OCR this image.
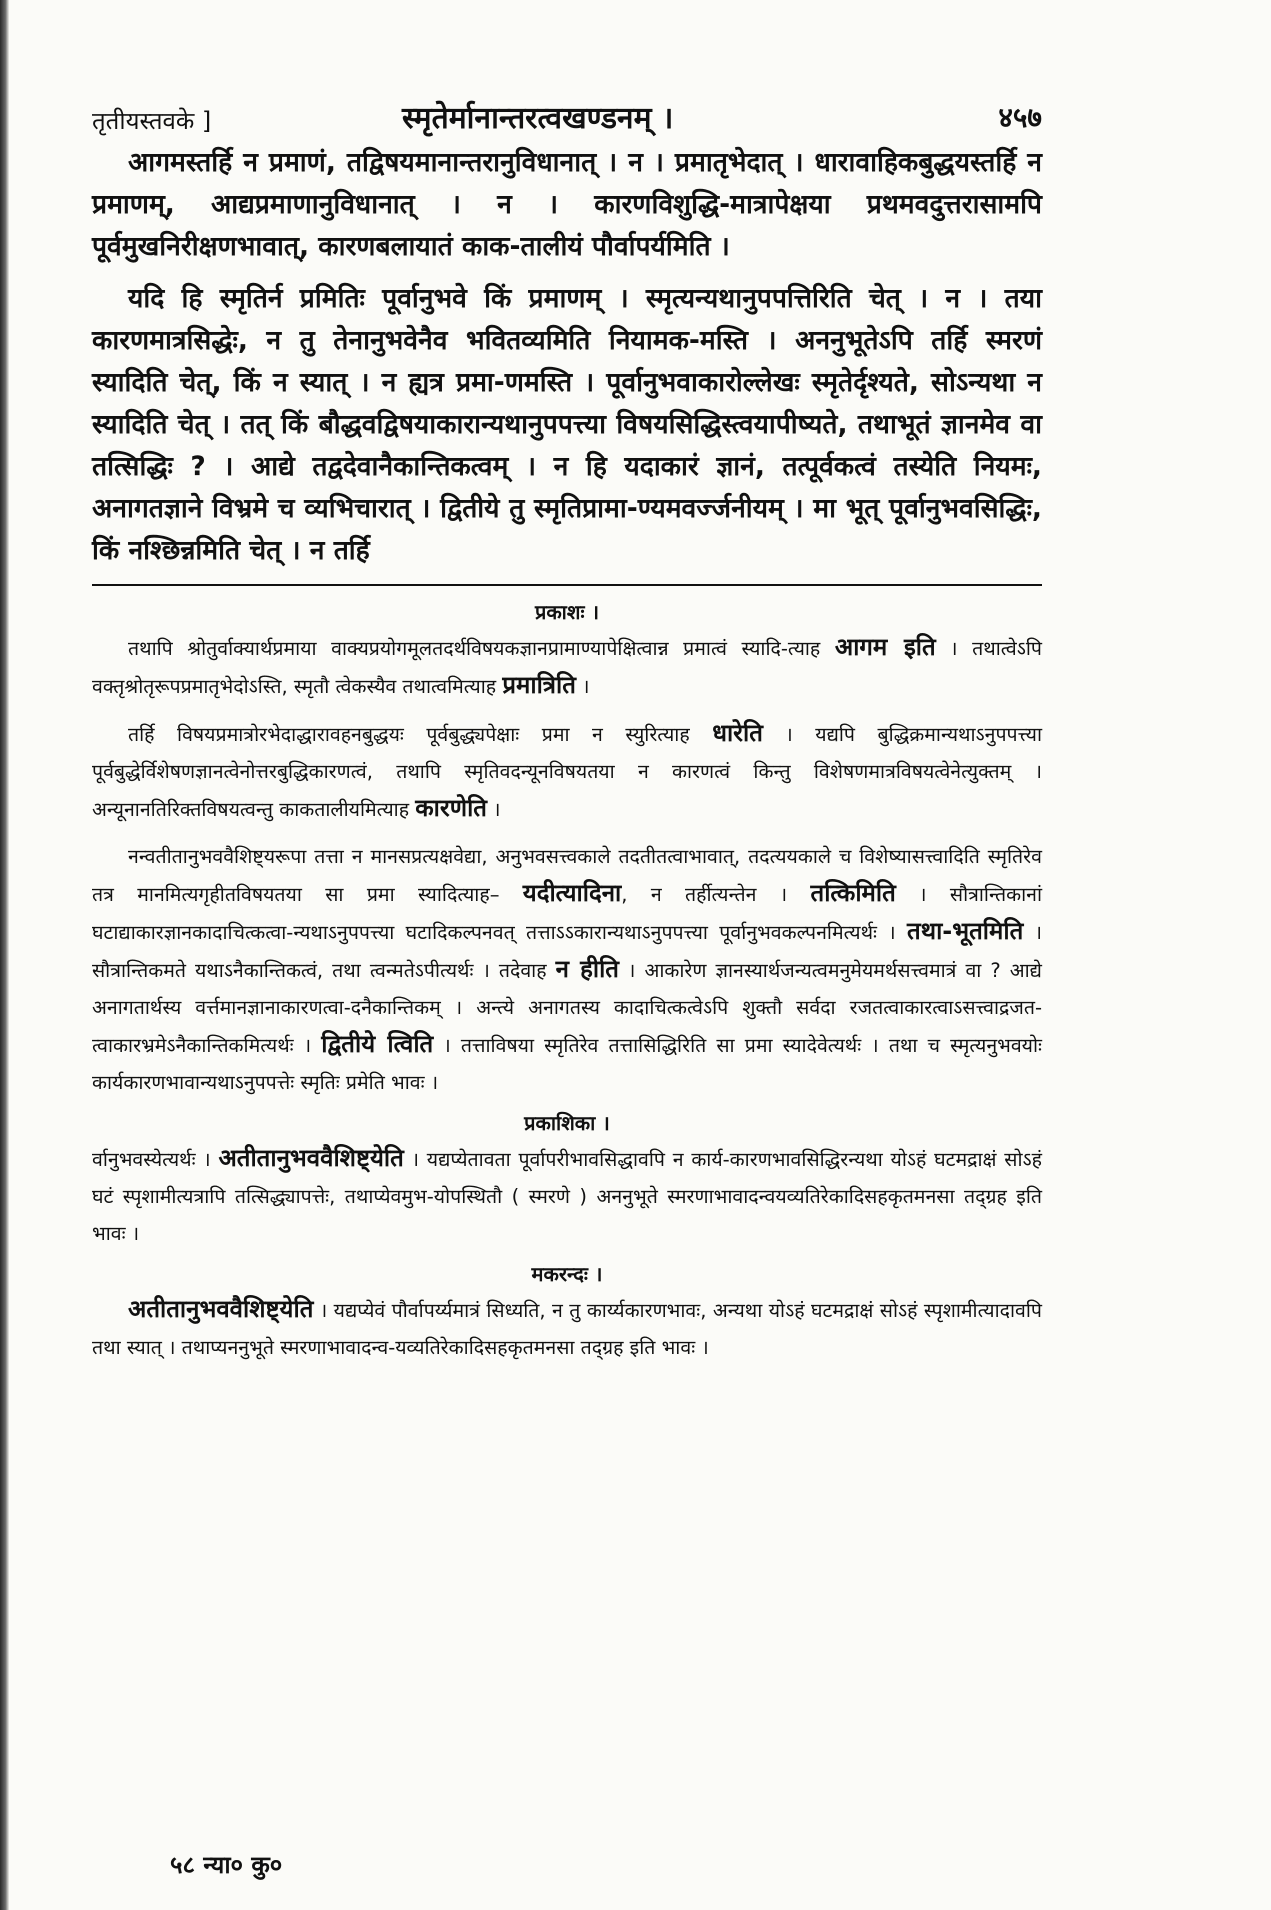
तृतीयस्तवके ]	स्मृतेर्मानान्तरत्वखण्डनम् ।	४५७

आगमस्तर्हि न प्रमाणं, तद्विषयमानान्तरानुविधानात् । न । प्रमातृभेदात् । धारावाहिकबुद्धयस्तर्हि न प्रमाणम्, आद्यप्रमाणानुविधानात् । न । कारणविशुद्धि-मात्रापेक्षया प्रथमवदुत्तरासामपि पूर्वमुखनिरीक्षणभावात्, कारणबलायातं काक-तालीयं पौर्वापर्यमिति ।

यदि हि स्मृतिर्न प्रमितिः पूर्वानुभवे किं प्रमाणम् । स्मृत्यन्यथानुपपत्तिरिति चेत् । न । तया कारणमात्रसिद्धेः, न तु तेनानुभवेनैव भवितव्यमिति नियामक-मस्ति । अननुभूतेऽपि तर्हि स्मरणं स्यादिति चेत्, किं न स्यात् । न ह्यत्र प्रमा-णमस्ति । पूर्वानुभवाकारोल्लेखः स्मृतेर्दृश्यते, सोऽन्यथा न स्यादिति चेत् । तत् किं बौद्धवद्विषयाकारान्यथानुपपत्त्या विषयसिद्धिस्त्वयापीष्यते, तथाभूतं ज्ञानमेव वा तत्सिद्धिः ? । आद्ये तद्वदेवानैकान्तिकत्वम् । न हि यदाकारं ज्ञानं, तत्पूर्वकत्वं तस्येति नियमः, अनागतज्ञाने विभ्रमे च व्यभिचारात् । द्वितीये तु स्मृतिप्रामा-ण्यमवर्ज्जनीयम् । मा भूत् पूर्वानुभवसिद्धिः, किं नश्छिन्नमिति चेत् । न तर्हि

प्रकाशः ।

तथापि श्रोतुर्वाक्यार्थप्रमाया वाक्यप्रयोगमूलतदर्थविषयकज्ञानप्रामाण्यापेक्षित्वान्न प्रमात्वं स्यादि-त्याह आगम इति । तथात्वेऽपि वक्तृश्रोतृरूपप्रमातृभेदोऽस्ति, स्मृतौ त्वेकस्यैव तथात्वमित्याह प्रमात्रिति ।

तर्हि विषयप्रमात्रोरभेदाद्धारावहनबुद्धयः पूर्वबुद्ध्यपेक्षाः प्रमा न स्युरित्याह धारेति । यद्यपि बुद्धिक्रमान्यथाऽनुपपत्त्या पूर्वबुद्धेर्विशेषणज्ञानत्वेनोत्तरबुद्धिकारणत्वं, तथापि स्मृतिवदन्यूनविषयतया न कारणत्वं किन्तु विशेषणमात्रविषयत्वेनेत्युक्तम् । अन्यूनानतिरिक्तविषयत्वन्तु काकतालीयमित्याह कारणेति ।

नन्वतीतानुभववैशिष्ट्यरूपा तत्ता न मानसप्रत्यक्षवेद्या, अनुभवसत्त्वकाले तदतीतत्वाभावात्, तदत्ययकाले च विशेष्यासत्त्वादिति स्मृतिरेव तत्र मानमित्यगृहीतविषयतया सा प्रमा स्यादित्याह– यदीत्यादिना, न तर्हीत्यन्तेन । तत्किमिति । सौत्रान्तिकानां घटाद्याकारज्ञानकादाचित्कत्वा-न्यथाऽनुपपत्त्या घटादिकल्पनवत् तत्ताऽऽकारान्यथाऽनुपपत्त्या पूर्वानुभवकल्पनमित्यर्थः । तथा-भूतमिति । सौत्रान्तिकमते यथाऽनैकान्तिकत्वं, तथा त्वन्मतेऽपीत्यर्थः । तदेवाह न हीति । आकारेण ज्ञानस्यार्थजन्यत्वमनुमेयमर्थसत्त्वमात्रं वा ? आद्ये अनागतार्थस्य वर्त्तमानज्ञानाकारणत्वा-दनैकान्तिकम् । अन्त्ये अनागतस्य कादाचित्कत्वेऽपि शुक्तौ सर्वदा रजतत्वाकारत्वाऽसत्त्वाद्रजत-त्वाकारभ्रमेऽनैकान्तिकमित्यर्थः । द्वितीये त्विति । तत्ताविषया स्मृतिरेव तत्तासिद्धिरिति सा प्रमा स्यादेवेत्यर्थः । तथा च स्मृत्यनुभवयोः कार्यकारणभावान्यथाऽनुपपत्तेः स्मृतिः प्रमेति भावः ।

प्रकाशिका ।

र्वानुभवस्येत्यर्थः । अतीतानुभववैशिष्ट्येति । यद्यप्येतावता पूर्वापरीभावसिद्धावपि न कार्य-कारणभावसिद्धिरन्यथा योऽहं घटमद्राक्षं सोऽहं घटं स्पृशामीत्यत्रापि तत्सिद्ध्यापत्तेः, तथाप्येवमुभ-योपस्थितौ ( स्मरणे ) अननुभूते स्मरणाभावादन्वयव्यतिरेकादिसहकृतमनसा तद्ग्रह इति भावः ।

मकरन्दः ।

अतीतानुभववैशिष्ट्येति । यद्यप्येवं पौर्वापर्य्यमात्रं सिध्यति, न तु कार्य्यकारणभावः, अन्यथा योऽहं घटमद्राक्षं सोऽहं स्पृशामीत्यादावपि तथा स्यात् । तथाप्यननुभूते स्मरणाभावादन्व-यव्यतिरेकादिसहकृतमनसा तद्ग्रह इति भावः ।

५८ न्या० कु०
